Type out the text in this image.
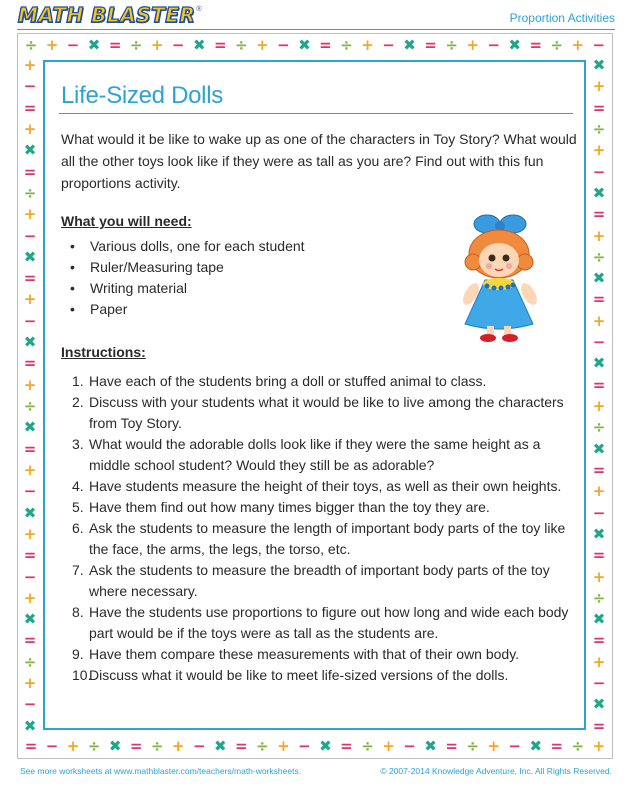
MATH BLASTER ®
Proportion Activities
÷ + − ✖ = ÷ + − ✖ = ÷ + − ✖ = ÷ + − ✖ = ÷ + − ✖ = ÷ + −
= − + ÷ ✖ = ÷ + − ✖ = ÷ + − ✖ = ÷ + − ✖ = ÷ + − ✖ = ÷ +
+
−
=
+
✖
=
÷
+
−
✖
=
+
−
✖
=
+
÷
✖
=
+
−
✖
+
=
−
+
✖
=
÷
+
−
✖
✖
+
=
÷
+
−
✖
=
+
÷
✖
=
+
−
✖
=
+
÷
✖
=
+
−
✖
=
+
÷
✖
=
+
−
✖
=
Life-Sized Dolls
What would it be like to wake up as one of the characters in Toy Story? What would all the other toys look like if they were as tall as you are? Find out with this fun proportions activity.
What you will need:
•	Various dolls, one for each student
•	Ruler/Measuring tape
•	Writing material
•	Paper
Instructions:
1. Have each of the students bring a doll or stuffed animal to class.
2. Discuss with your students what it would be like to live among the characters from Toy Story.
3. What would the adorable dolls look like if they were the same height as a middle school student? Would they still be as adorable?
4. Have students measure the height of their toys, as well as their own heights.
5. Have them find out how many times bigger than the toy they are.
6. Ask the students to measure the length of important body parts of the toy like the face, the arms, the legs, the torso, etc.
7. Ask the students to measure the breadth of important body parts of the toy where necessary.
8. Have the students use proportions to figure out how long and wide each body part would be if the toys were as tall as the students are.
9. Have them compare these measurements with that of their own body.
10.
Discuss what it would be like to meet life-sized versions of the dolls.
See more worksheets at www.mathblaster.com/teachers/math-worksheets.	© 2007-2014 Knowledge Adventure, Inc. All Rights Reserved.
